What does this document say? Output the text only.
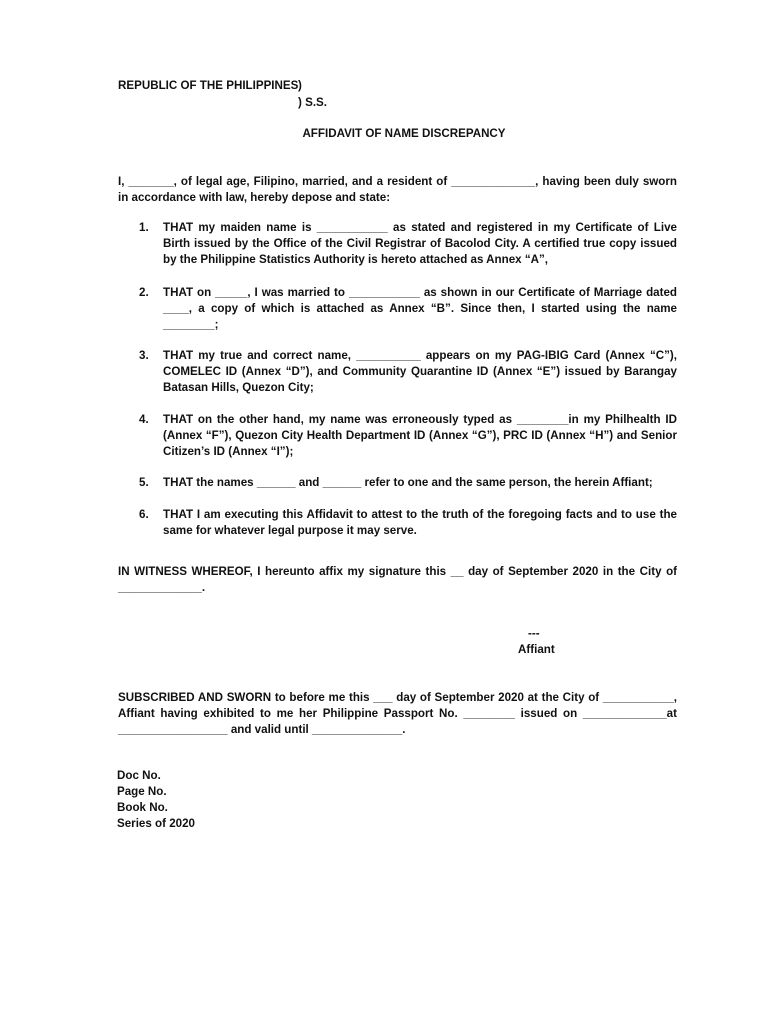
REPUBLIC OF THE PHILIPPINES )
) S.S.
AFFIDAVIT OF NAME DISCREPANCY
I, _______, of legal age, Filipino, married, and a resident of _____________, having been duly sworn in accordance with law, hereby depose and state:
1. THAT my maiden name is ___________ as stated and registered in my Certificate of Live Birth issued by the Office of the Civil Registrar of Bacolod City. A certified true copy issued by the Philippine Statistics Authority is hereto attached as Annex “A”,
2. THAT on _____, I was married to ___________ as shown in our Certificate of Marriage dated ____, a copy of which is attached as Annex “B”. Since then, I started using the name ________;
3. THAT my true and correct name, __________ appears on my PAG-IBIG Card (Annex “C”), COMELEC ID (Annex “D”), and Community Quarantine ID (Annex “E”) issued by Barangay Batasan Hills, Quezon City;
4. THAT on the other hand, my name was erroneously typed as ________in my Philhealth ID (Annex “F”), Quezon City Health Department ID (Annex “G”), PRC ID (Annex “H”) and Senior Citizen’s ID (Annex “I”);
5. THAT the names ______ and ______ refer to one and the same person, the herein Affiant;
6. THAT I am executing this Affidavit to attest to the truth of the foregoing facts and to use the same for whatever legal purpose it may serve.
IN WITNESS WHEREOF, I hereunto affix my signature this __ day of September 2020 in the City of _____________.
---
Affiant
SUBSCRIBED AND SWORN to before me this ___ day of September 2020 at the City of ___________, Affiant having exhibited to me her Philippine Passport No. ________ issued on _____________at _________________ and valid until ______________.
Doc No.
Page No.
Book No.
Series of 2020
